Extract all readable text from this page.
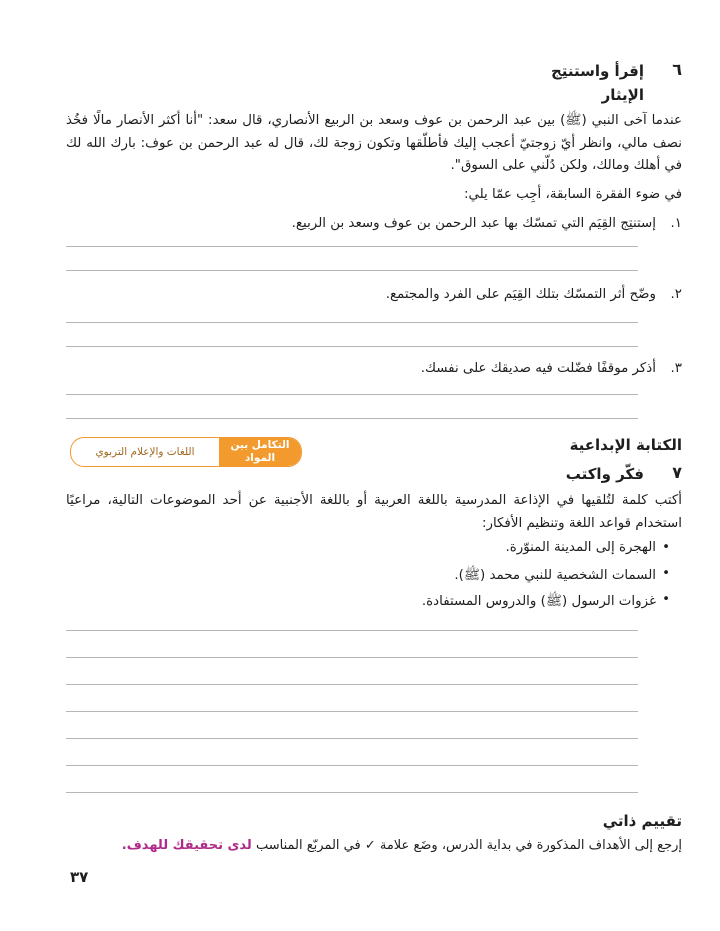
٦
إقرأ واستنتِج
الإيثار
عندما آخى النبي (ﷺ) بين عبد الرحمن بن عوف وسعد بن الربيع الأنصاري، قال سعد: "أنا أكثر الأنصار مالًا فخُذ نصف مالي، وانظر أيّ زوجتيّ أعجب إليك فأطلّقها وتكون زوجة لك، قال له عبد الرحمن بن عوف: بارك الله لك في أهلك ومالك، ولكن دُلّني على السوق".
في ضوء الفقرة السابقة، أجِب عمّا يلي:
١.
إستنتِج القِيَم التي تمسّك بها عبد الرحمن بن عوف وسعد بن الربيع.
٢.
وضّح أثر التمسّك بتلك القِيَم على الفرد والمجتمع.
٣.
أذكر موقفًا فضّلت فيه صديقك على نفسك.
الكتابة الإبداعية
التكامل بين المواد
اللغات والإعلام التربوي
٧
فكّر واكتب
أكتب كلمة لتُلقيها في الإذاعة المدرسية باللغة العربية أو باللغة الأجنبية عن أحد الموضوعات التالية، مراعيًا استخدام قواعد اللغة وتنظيم الأفكار:
•
الهجرة إلى المدينة المنوّرة.
•
السمات الشخصية للنبي محمد (ﷺ).
•
غزوات الرسول (ﷺ) والدروس المستفادة.
تقييم ذاتي
إرجع إلى الأهداف المذكورة في بداية الدرس، وضَع علامة ✓ في المربّع المناسب لدى تحقيقك للهدف.
٣٧
